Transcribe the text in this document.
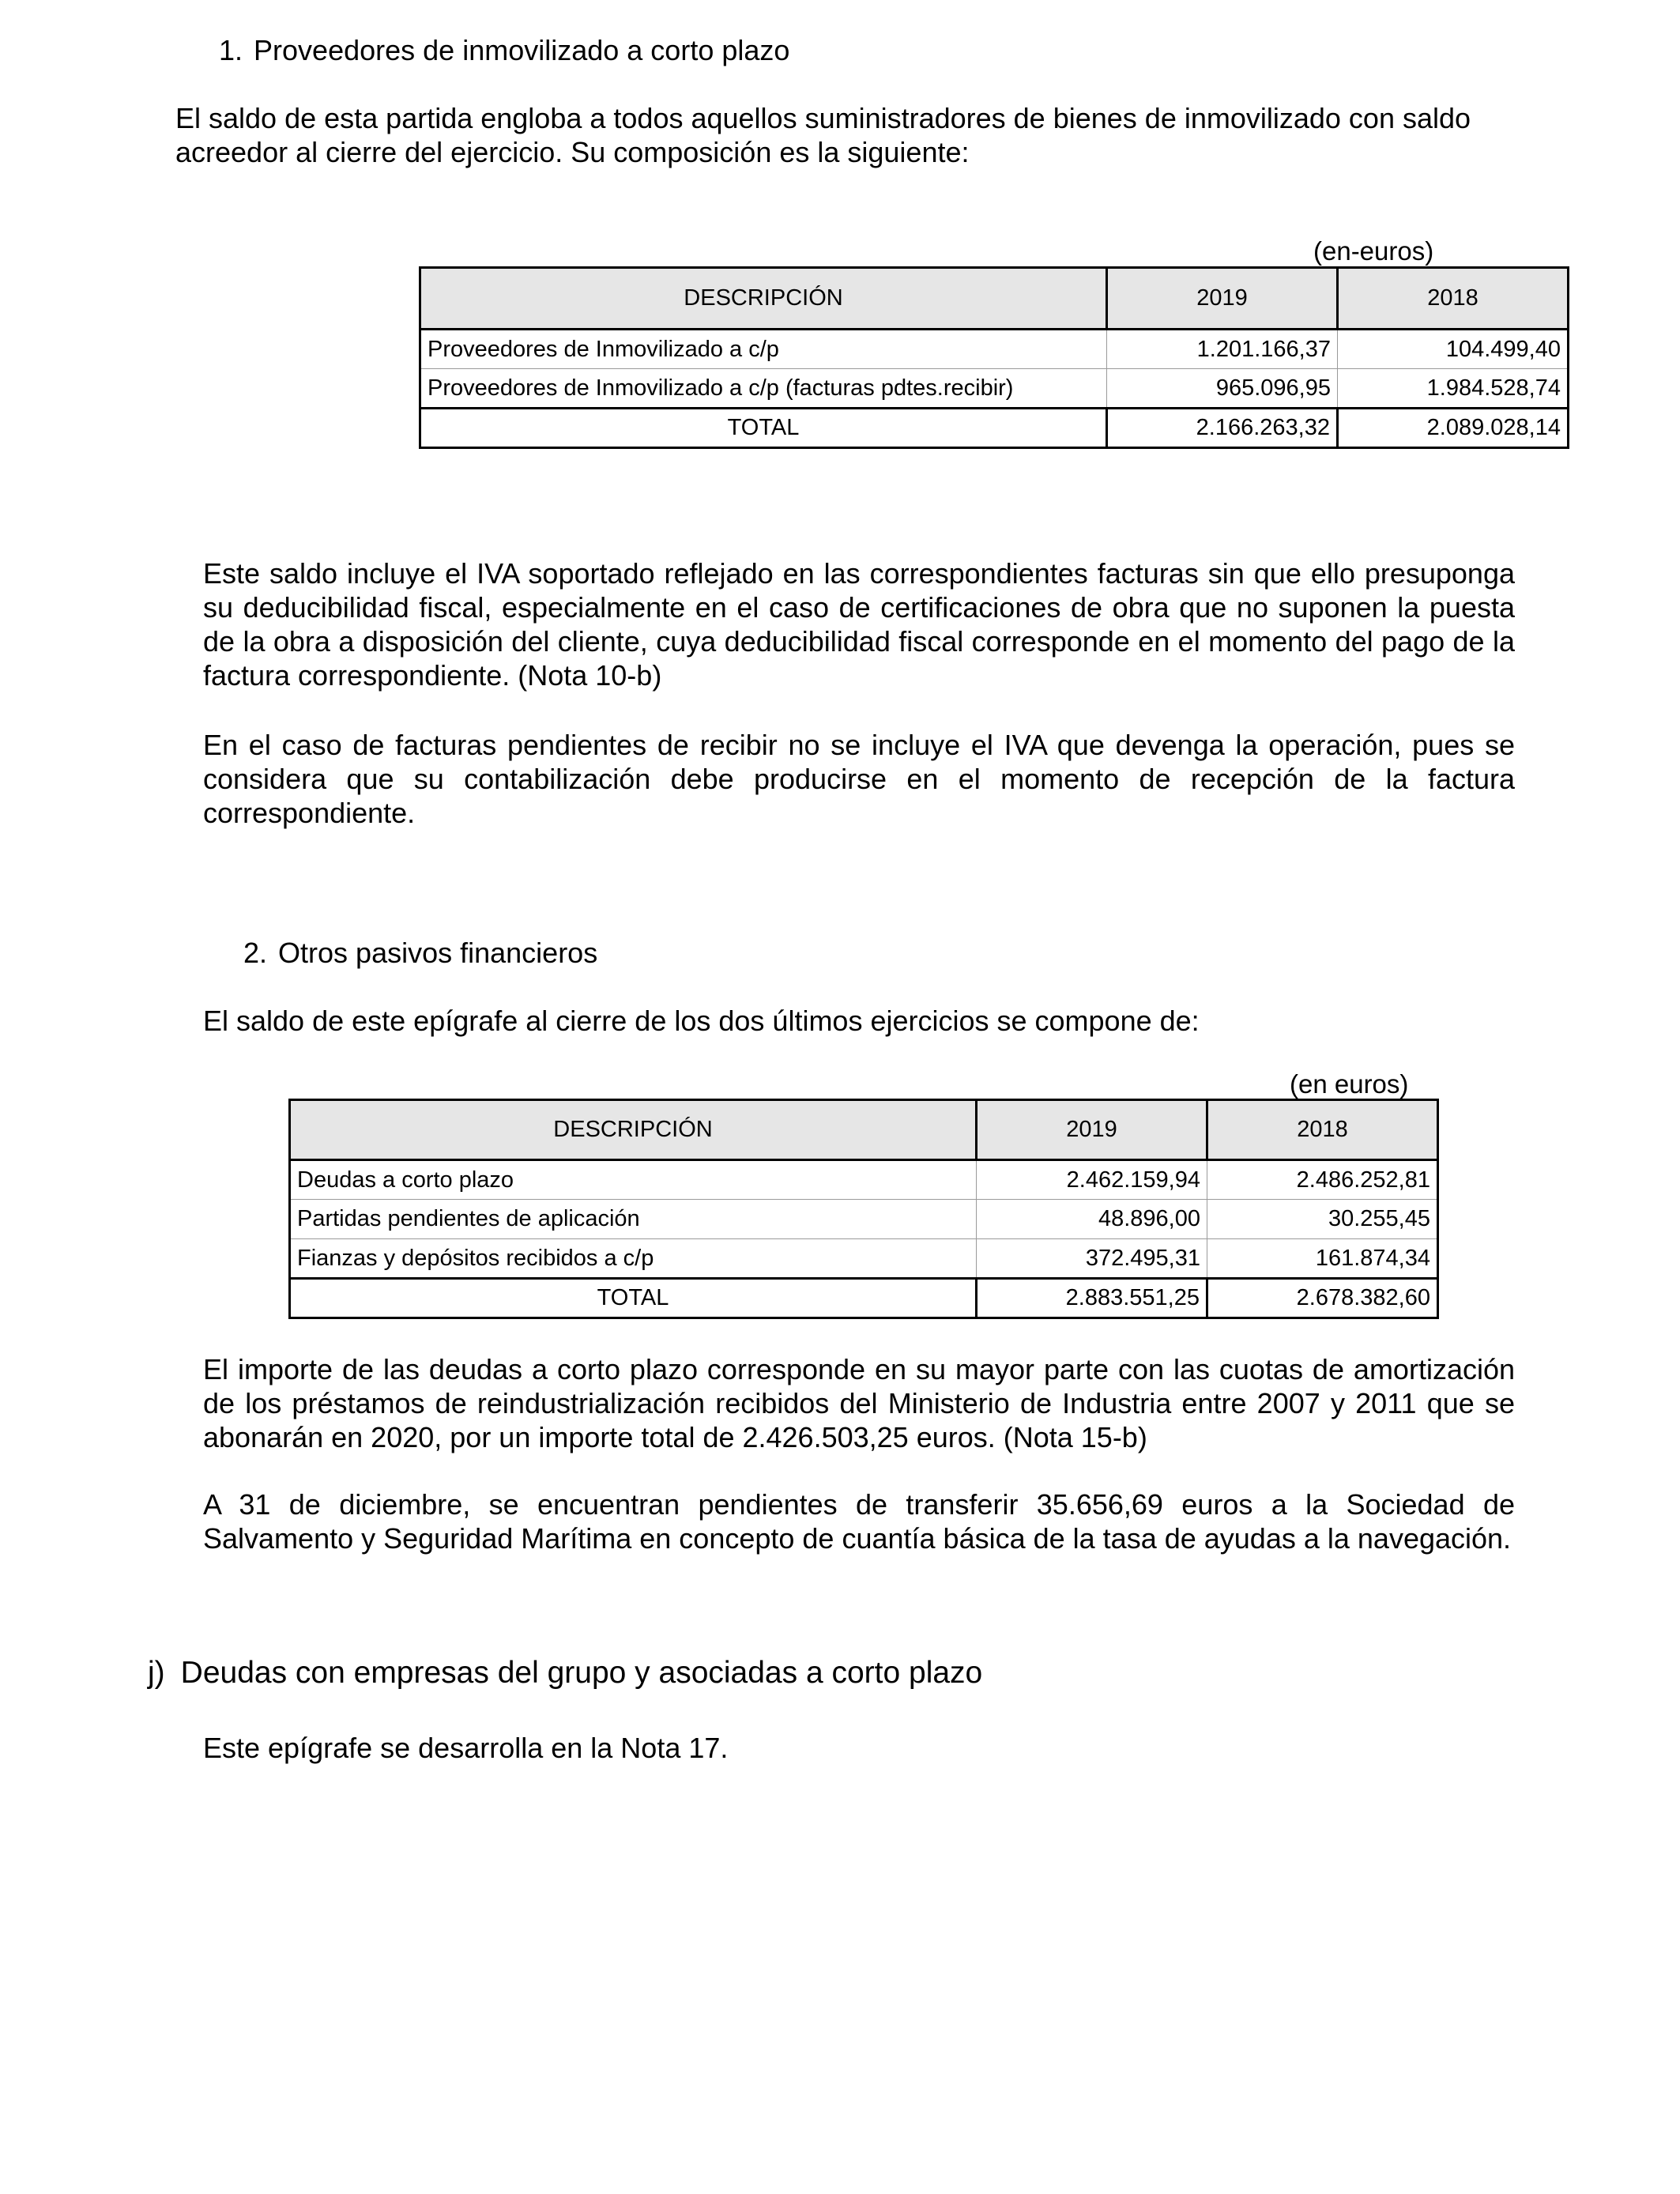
1. Proveedores de inmovilizado a corto plazo
El saldo de esta partida engloba a todos aquellos suministradores de bienes de inmovilizado con saldo acreedor al cierre del ejercicio. Su composición es la siguiente:
(en-euros)
DESCRIPCIÓN	2019	2018
Proveedores de Inmovilizado a c/p	1.201.166,37	104.499,40
Proveedores de Inmovilizado a c/p (facturas pdtes.recibir)	965.096,95	1.984.528,74
TOTAL	2.166.263,32	2.089.028,14
Este saldo incluye el IVA soportado reflejado en las correspondientes facturas sin que ello presuponga su deducibilidad fiscal, especialmente en el caso de certificaciones de obra que no suponen la puesta de la obra a disposición del cliente, cuya deducibilidad fiscal corresponde en el momento del pago de la factura correspondiente. (Nota 10-b)
En el caso de facturas pendientes de recibir no se incluye el IVA que devenga la operación, pues se considera que su contabilización debe producirse en el momento de recepción de la factura correspondiente.
2. Otros pasivos financieros
El saldo de este epígrafe al cierre de los dos últimos ejercicios se compone de:
(en euros)
DESCRIPCIÓN	2019	2018
Deudas a corto plazo	2.462.159,94	2.486.252,81
Partidas pendientes de aplicación	48.896,00	30.255,45
Fianzas y depósitos recibidos a c/p	372.495,31	161.874,34
TOTAL	2.883.551,25	2.678.382,60
El importe de las deudas a corto plazo corresponde en su mayor parte con las cuotas de amortización de los préstamos de reindustrialización recibidos del Ministerio de Industria entre 2007 y 2011 que se abonarán en 2020, por un importe total de 2.426.503,25 euros. (Nota 15-b)
A 31 de diciembre, se encuentran pendientes de transferir 35.656,69 euros a la Sociedad de Salvamento y Seguridad Marítima en concepto de cuantía básica de la tasa de ayudas a la navegación.
j) Deudas con empresas del grupo y asociadas a corto plazo
Este epígrafe se desarrolla en la Nota 17.
